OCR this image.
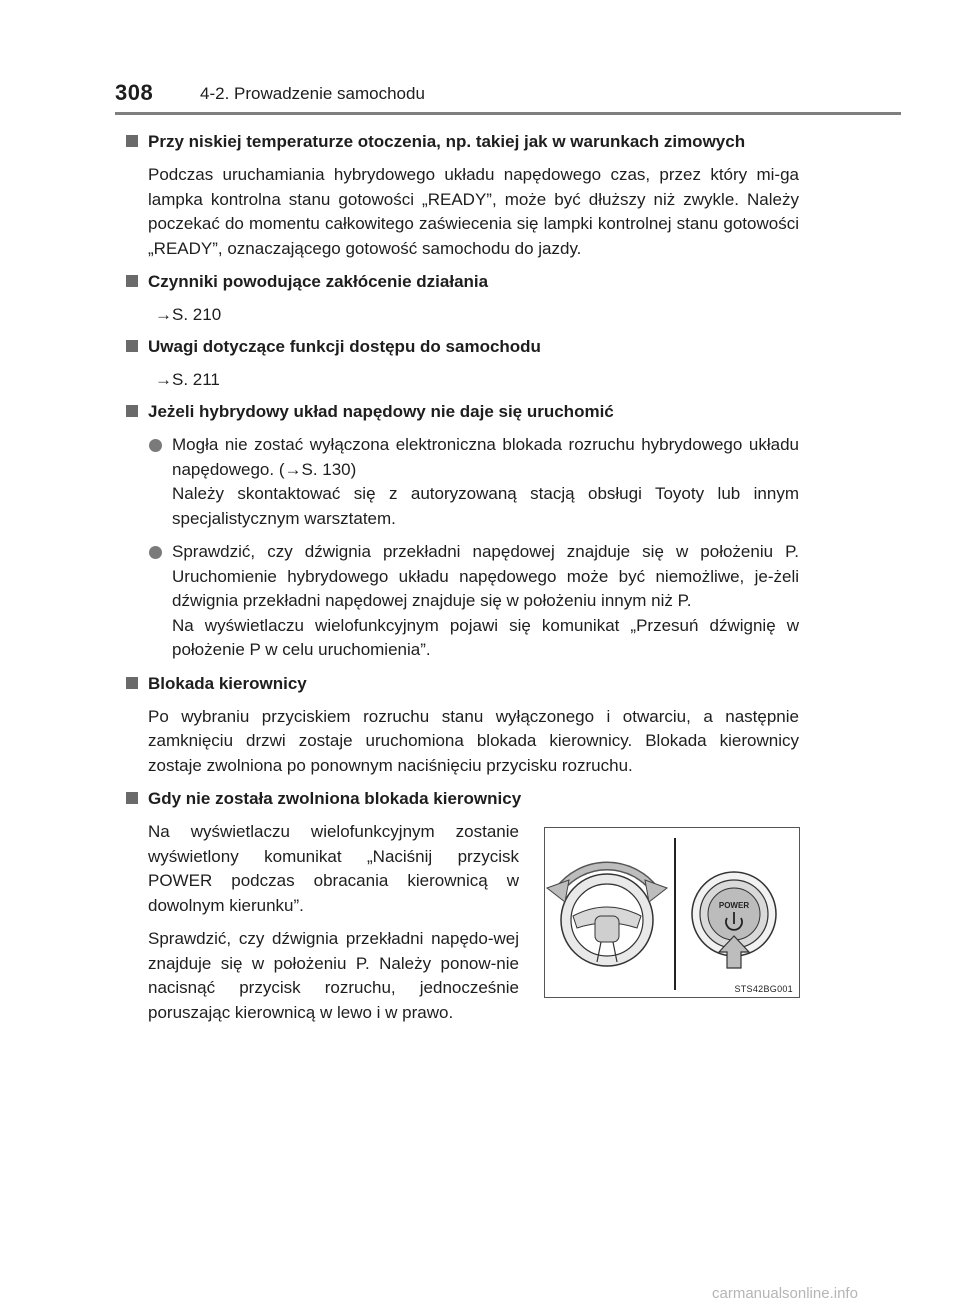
308	4-2. Prowadzenie samochodu
Przy niskiej temperaturze otoczenia, np. takiej jak w warunkach zimowych
Podczas uruchamiania hybrydowego układu napędowego czas, przez który mi-ga lampka kontrolna stanu gotowości „READY”, może być dłuższy niż zwykle. Należy poczekać do momentu całkowitego zaświecenia się lampki kontrolnej stanu gotowości „READY”, oznaczającego gotowość samochodu do jazdy.
Czynniki powodujące zakłócenie działania
→S. 210
Uwagi dotyczące funkcji dostępu do samochodu
→S. 211
Jeżeli hybrydowy układ napędowy nie daje się uruchomić
Mogła nie zostać wyłączona elektroniczna blokada rozruchu hybrydowego układu napędowego. (→S. 130)
Należy skontaktować się z autoryzowaną stacją obsługi Toyoty lub innym specjalistycznym warsztatem.
Sprawdzić, czy dźwignia przekładni napędowej znajduje się w położeniu P. Uruchomienie hybrydowego układu napędowego może być niemożliwe, je-żeli dźwignia przekładni napędowej znajduje się w położeniu innym niż P.
Na wyświetlaczu wielofunkcyjnym pojawi się komunikat „Przesuń dźwignię w położenie P w celu uruchomienia”.
Blokada kierownicy
Po wybraniu przyciskiem rozruchu stanu wyłączonego i otwarciu, a następnie zamknięciu drzwi zostaje uruchomiona blokada kierownicy. Blokada kierownicy zostaje zwolniona po ponownym naciśnięciu przycisku rozruchu.
Gdy nie została zwolniona blokada kierownicy
Na wyświetlaczu wielofunkcyjnym zostanie wyświetlony komunikat „Naciśnij przycisk POWER podczas obracania kierownicą w dowolnym kierunku”.
Sprawdzić, czy dźwignia przekładni napędo-wej znajduje się w położeniu P. Należy ponow-nie nacisnąć przycisk rozruchu, jednocześnie poruszając kierownicą w lewo i w prawo.
POWER
STS42BG001
carmanualsonline.info
